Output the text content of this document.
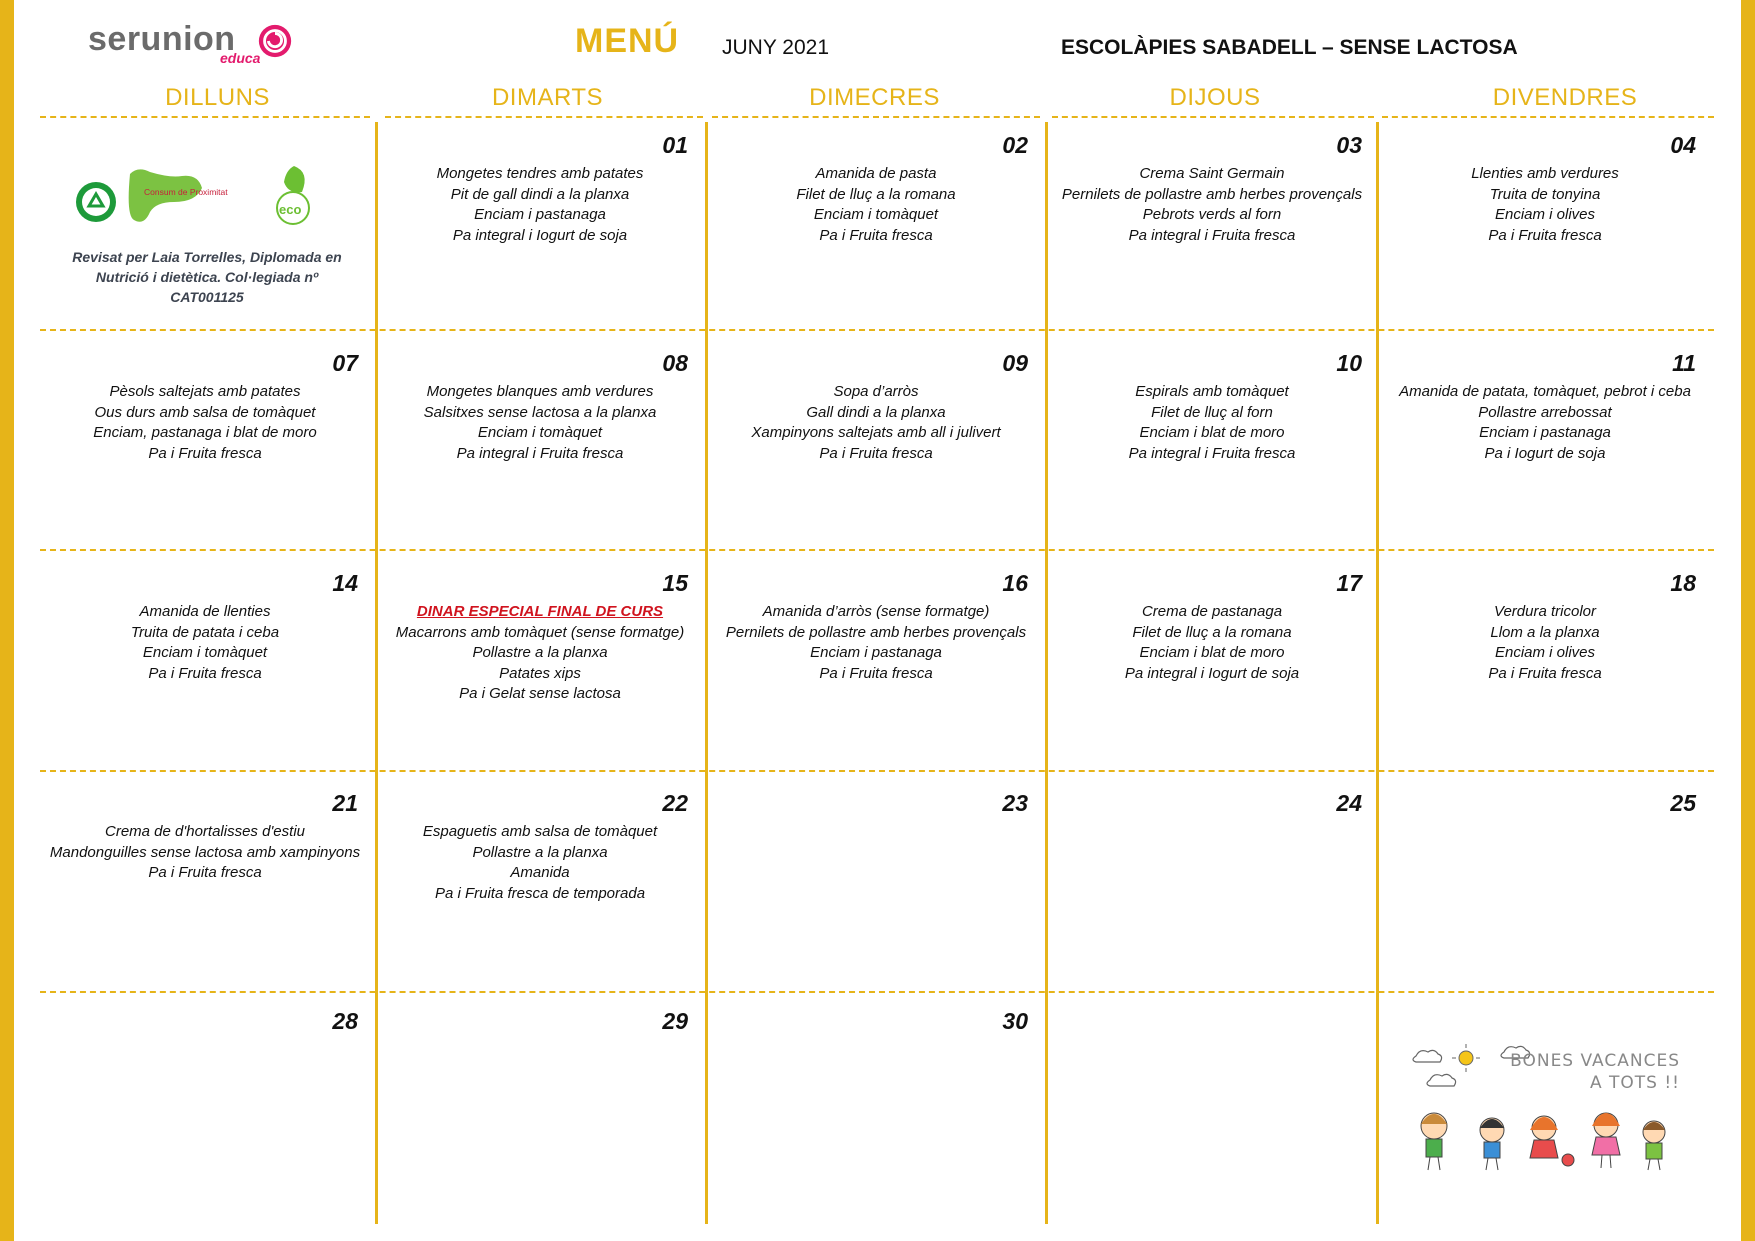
serunion
educa	MENÚ JUNY 2021	ESCOLÀPIES SABADELL – SENSE LACTOSA
DILLUNS	DIMARTS	DIMECRES	DIJOUS	DIVENDRES
Consum de Proximitat
eco
Revisat per Laia Torrelles, Diplomada en
Nutrició i dietètica. Col·legiada nº
CAT001125
01
Mongetes tendres amb patates
Pit de gall dindi a la planxa
Enciam i pastanaga
Pa integral i Iogurt de soja
02
Amanida de pasta
Filet de lluç a la romana
Enciam i tomàquet
Pa i Fruita fresca
03
Crema Saint Germain
Pernilets de pollastre amb herbes provençals
Pebrots verds al forn
Pa integral i Fruita fresca
04
Llenties amb verdures
Truita de tonyina
Enciam i olives
Pa i Fruita fresca
07
Pèsols saltejats amb patates
Ous durs amb salsa de tomàquet
Enciam, pastanaga i blat de moro
Pa i Fruita fresca
08
Mongetes blanques amb verdures
Salsitxes sense lactosa a la planxa
Enciam i tomàquet
Pa integral i Fruita fresca
09
Sopa d’arròs
Gall dindi a la planxa
Xampinyons saltejats amb all i julivert
Pa i Fruita fresca
10
Espirals amb tomàquet
Filet de lluç al forn
Enciam i blat de moro
Pa integral i Fruita fresca
11
Amanida de patata, tomàquet, pebrot i ceba
Pollastre arrebossat
Enciam i pastanaga
Pa i Iogurt de soja
14
Amanida de llenties
Truita de patata i ceba
Enciam i tomàquet
Pa i Fruita fresca
15
DINAR ESPECIAL FINAL DE CURS
Macarrons amb tomàquet (sense formatge)
Pollastre a la planxa
Patates xips
Pa i Gelat sense lactosa
16
Amanida d’arròs (sense formatge)
Pernilets de pollastre amb herbes provençals
Enciam i pastanaga
Pa i Fruita fresca
17
Crema de pastanaga
Filet de lluç a la romana
Enciam i blat de moro
Pa integral i Iogurt de soja
18
Verdura tricolor
Llom a la planxa
Enciam i olives
Pa i Fruita fresca
21
Crema de d'hortalisses d'estiu
Mandonguilles sense lactosa amb xampinyons
Pa i Fruita fresca
22
Espaguetis amb salsa de tomàquet
Pollastre a la planxa
Amanida
Pa i Fruita fresca de temporada
23	24	25
28	29	30
BONES VACANCES
A TOTS !!
